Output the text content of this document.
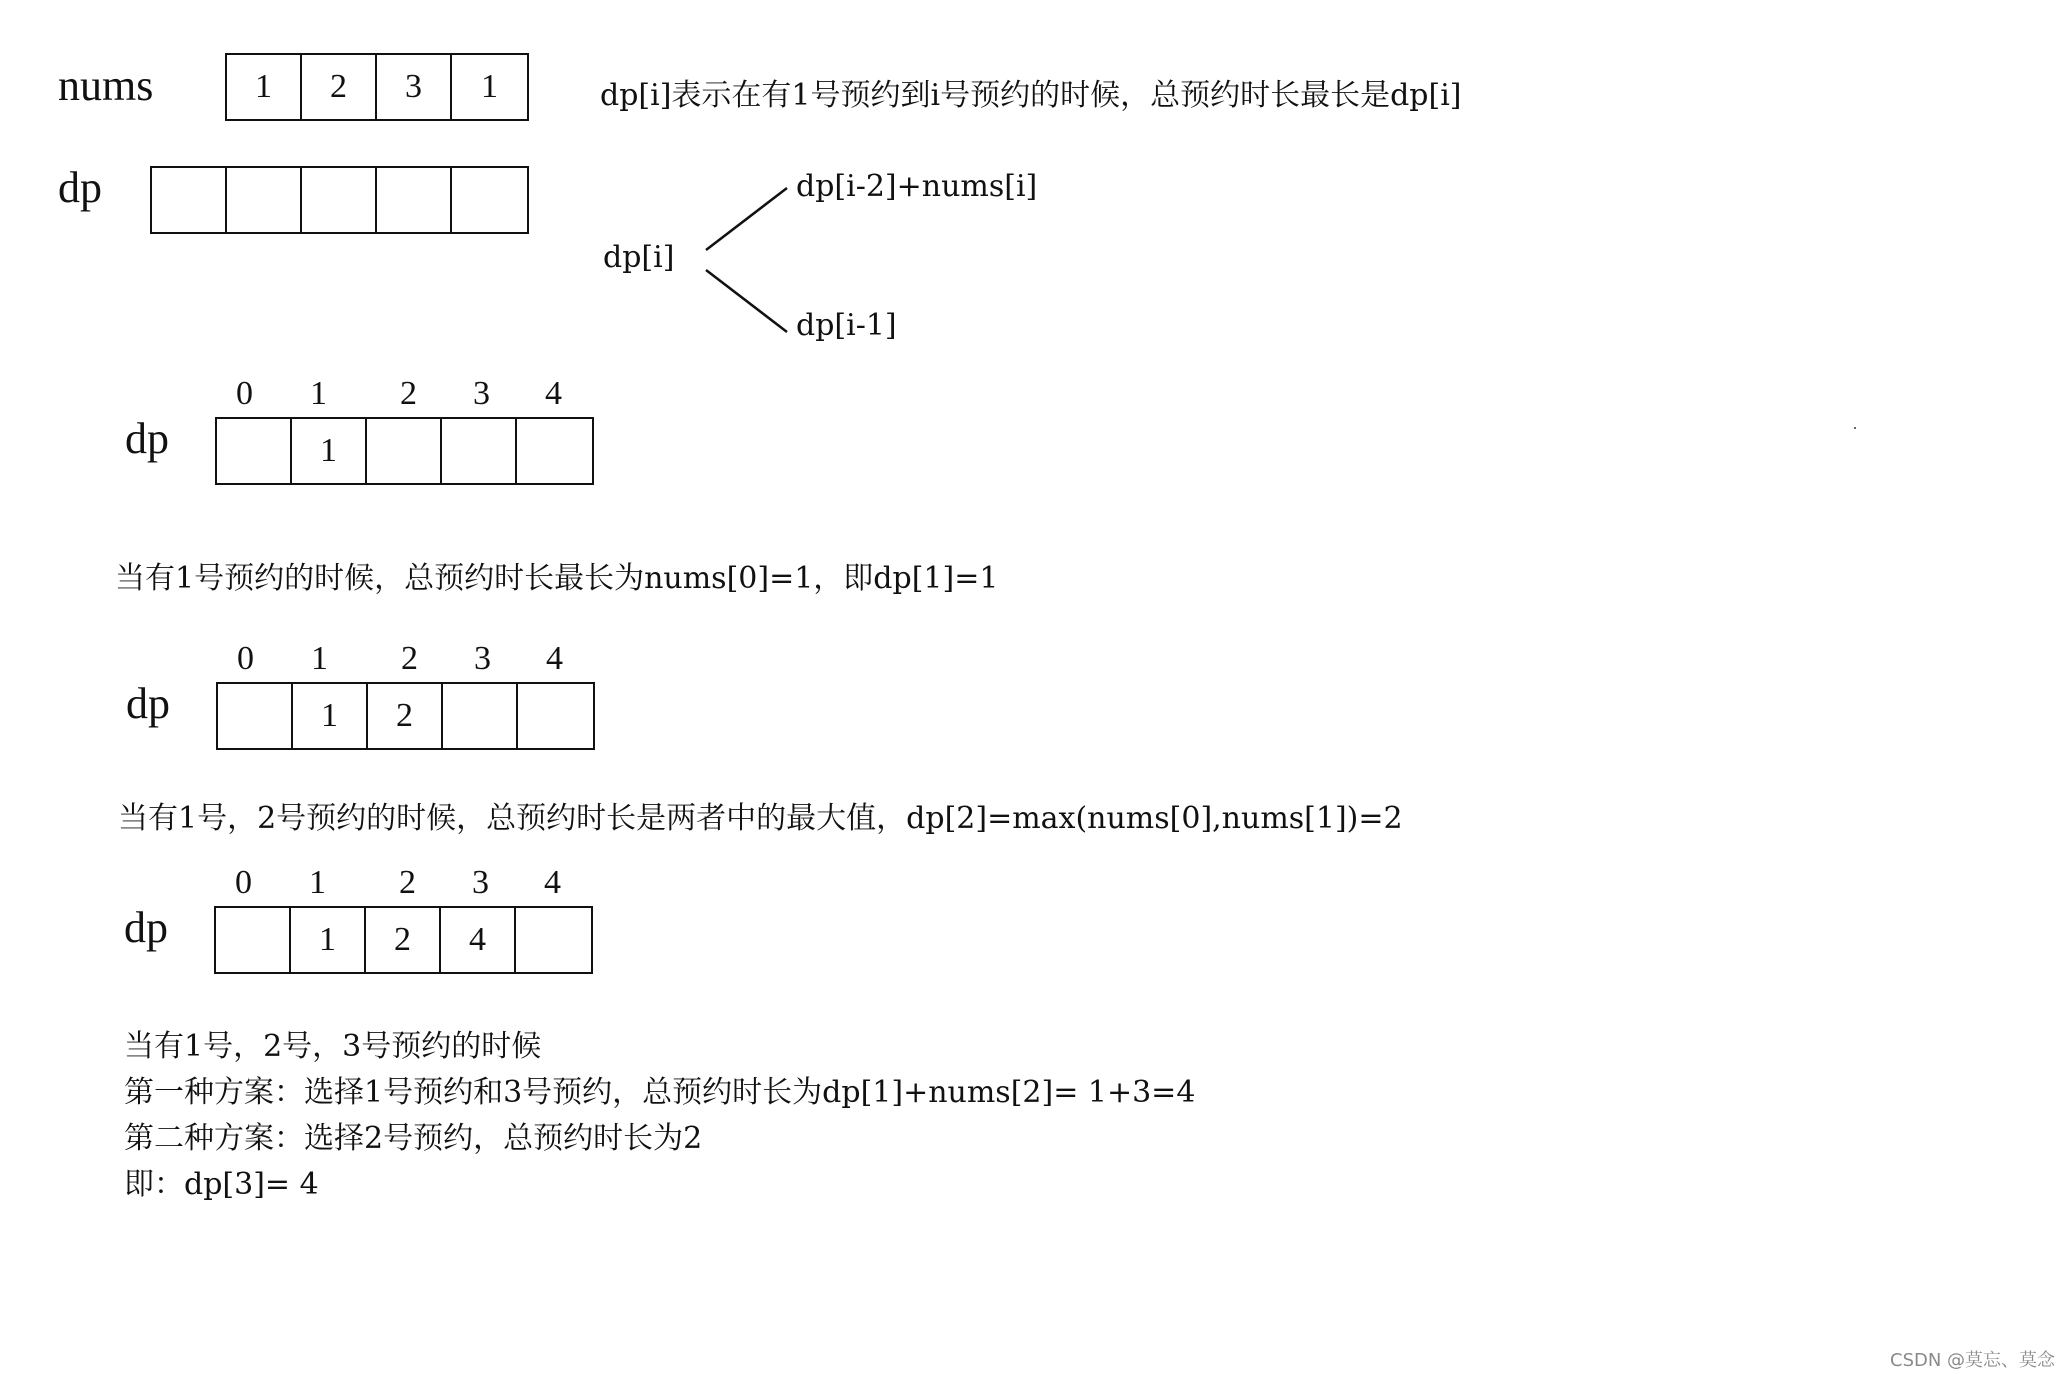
nums	1	2	3	1	dp[i]表示在有1号预约到i号预约的时候，总预约时长最长是dp[i]
dp
dp[i]
dp[i-2]+nums[i]
dp[i-1]
0 1 2 3 4
dp	1
当有1号预约的时候，总预约时长最长为nums[0]=1，即dp[1]=1
0 1 2 3 4
dp	1	2
当有1号，2号预约的时候，总预约时长是两者中的最大值，dp[2]=max(nums[0],nums[1])=2
0 1 2 3 4
dp	1	2	4
当有1号，2号，3号预约的时候
第一种方案：选择1号预约和3号预约，总预约时长为dp[1]+nums[2]= 1+3=4
第二种方案：选择2号预约，总预约时长为2
即：dp[3]= 4
CSDN @莫忘、莫念
